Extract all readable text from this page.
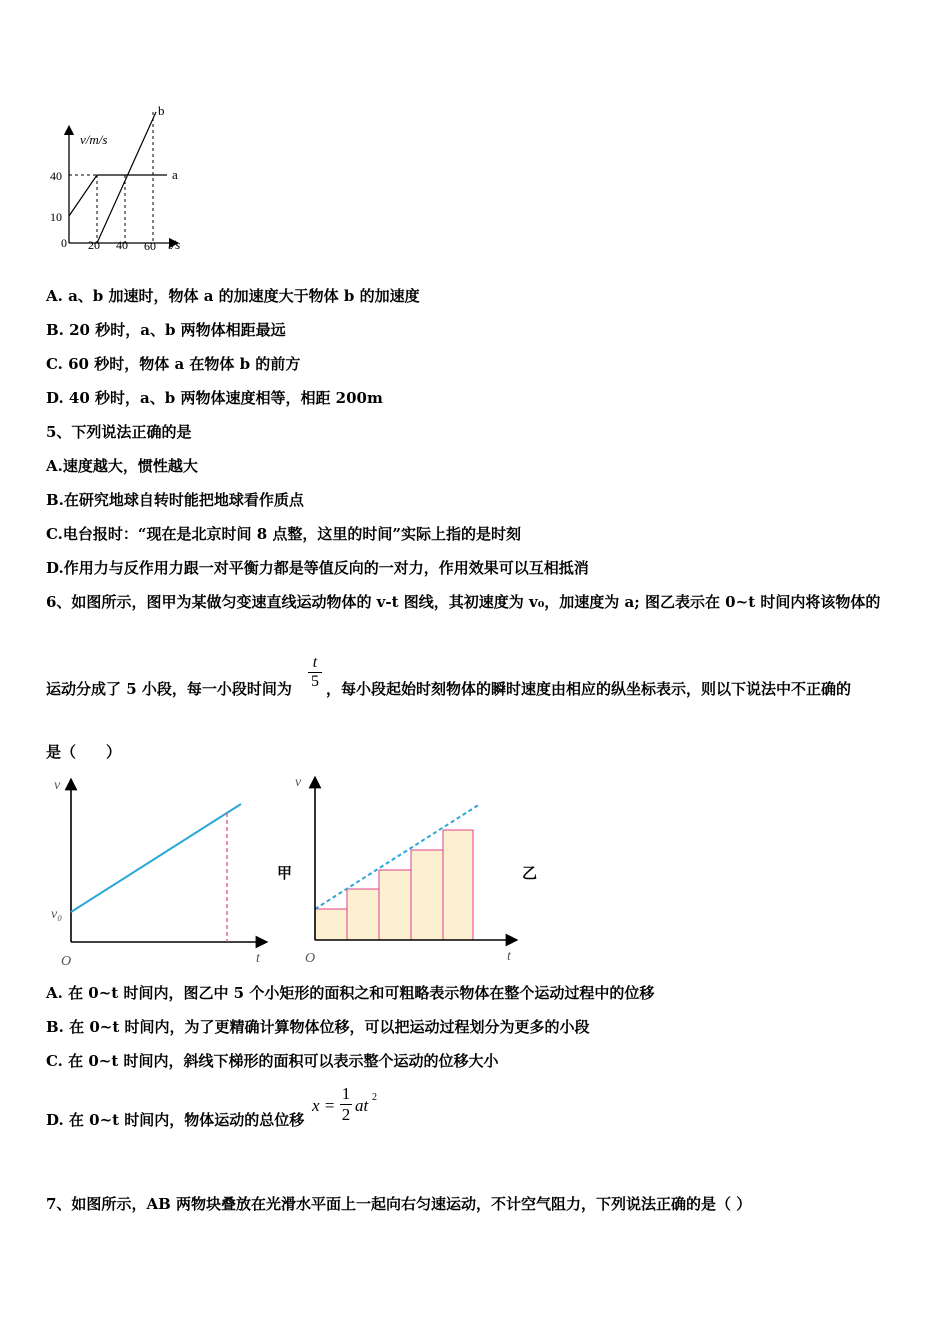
v/m/s
40
10
0 20 40 60 t/s
a
b
A. a、b 加速时，物体 a 的加速度大于物体 b 的加速度
B. 20 秒时，a、b 两物体相距最远
C. 60 秒时，物体 a 在物体 b 的前方
D. 40 秒时，a、b 两物体速度相等，相距 200m
5、下列说法正确的是
A.速度越大，惯性越大
B.在研究地球自转时能把地球看作质点
C.电台报时：“现在是北京时间 8 点整，这里的时间”实际上指的是时刻
D.作用力与反作用力跟一对平衡力都是等值反向的一对力，作用效果可以互相抵消
6、如图所示，图甲为某做匀变速直线运动物体的 v-t 图线，其初速度为 v₀，加速度为 a; 图乙表示在 0~t 时间内将该物体的
运动分成了 5 小段，每一小段时间为
t
5 ，每小段起始时刻物体的瞬时速度由相应的纵坐标表示，则以下说法中不正确的
是（　　）
v
v₀
O	t
甲
v
O	t
乙
A. 在 0~t 时间内，图乙中 5 个小矩形的面积之和可粗略表示物体在整个运动过程中的位移
B. 在 0~t 时间内，为了更精确计算物体位移，可以把运动过程划分为更多的小段
C. 在 0~t 时间内，斜线下梯形的面积可以表示整个运动的位移大小
D. 在 0~t 时间内，物体运动的总位移
$x = \frac{1}{2}$ at 2
7、如图所示，AB 两物块叠放在光滑水平面上一起向右匀速运动，不计空气阻力，下列说法正确的是（ ）
